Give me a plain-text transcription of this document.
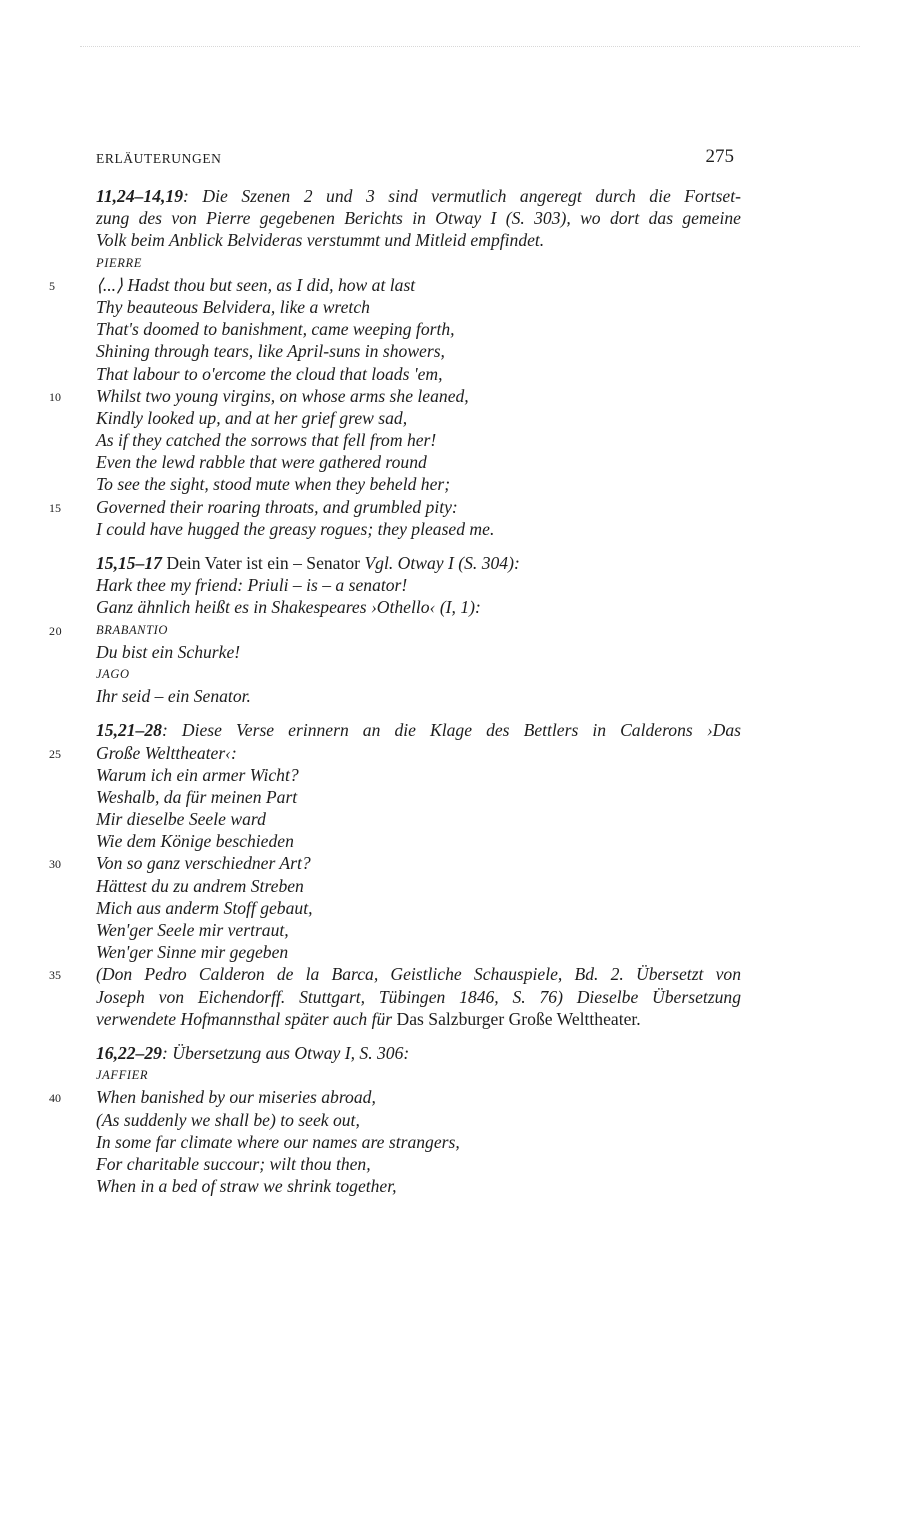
ERLÄUTERUNGEN	275
11,24–14,19: Die Szenen 2 und 3 sind vermutlich angeregt durch die Fortset-
zung des von Pierre gegebenen Berichts in Otway I (S. 303), wo dort das gemeine
Volk beim Anblick Belvideras verstummt und Mitleid empfindet.
PIERRE
5	⟨...⟩ Hadst thou but seen, as I did, how at last
Thy beauteous Belvidera, like a wretch
That's doomed to banishment, came weeping forth,
Shining through tears, like April-suns in showers,
That labour to o'ercome the cloud that loads 'em,
10	Whilst two young virgins, on whose arms she leaned,
Kindly looked up, and at her grief grew sad,
As if they catched the sorrows that fell from her!
Even the lewd rabble that were gathered round
To see the sight, stood mute when they beheld her;
15	Governed their roaring throats, and grumbled pity:
I could have hugged the greasy rogues; they pleased me.
15,15–17 Dein Vater ist ein – Senator Vgl. Otway I (S. 304):
Hark thee my friend: Priuli – is – a senator!
Ganz ähnlich heißt es in Shakespeares ›Othello‹ (I, 1):
20	BRABANTIO
Du bist ein Schurke!
JAGO
Ihr seid – ein Senator.
15,21–28: Diese Verse erinnern an die Klage des Bettlers in Calderons ›Das
25	Große Welttheater‹:
Warum ich ein armer Wicht?
Weshalb, da für meinen Part
Mir dieselbe Seele ward
Wie dem Könige beschieden
30	Von so ganz verschiedner Art?
Hättest du zu andrem Streben
Mich aus anderm Stoff gebaut,
Wen'ger Seele mir vertraut,
Wen'ger Sinne mir gegeben
35	(Don Pedro Calderon de la Barca, Geistliche Schauspiele, Bd. 2. Übersetzt von
Joseph von Eichendorff. Stuttgart, Tübingen 1846, S. 76) Dieselbe Übersetzung
verwendete Hofmannsthal später auch für Das Salzburger Große Welttheater.
16,22–29: Übersetzung aus Otway I, S. 306:
JAFFIER
40	When banished by our miseries abroad,
(As suddenly we shall be) to seek out,
In some far climate where our names are strangers,
For charitable succour; wilt thou then,
When in a bed of straw we shrink together,
